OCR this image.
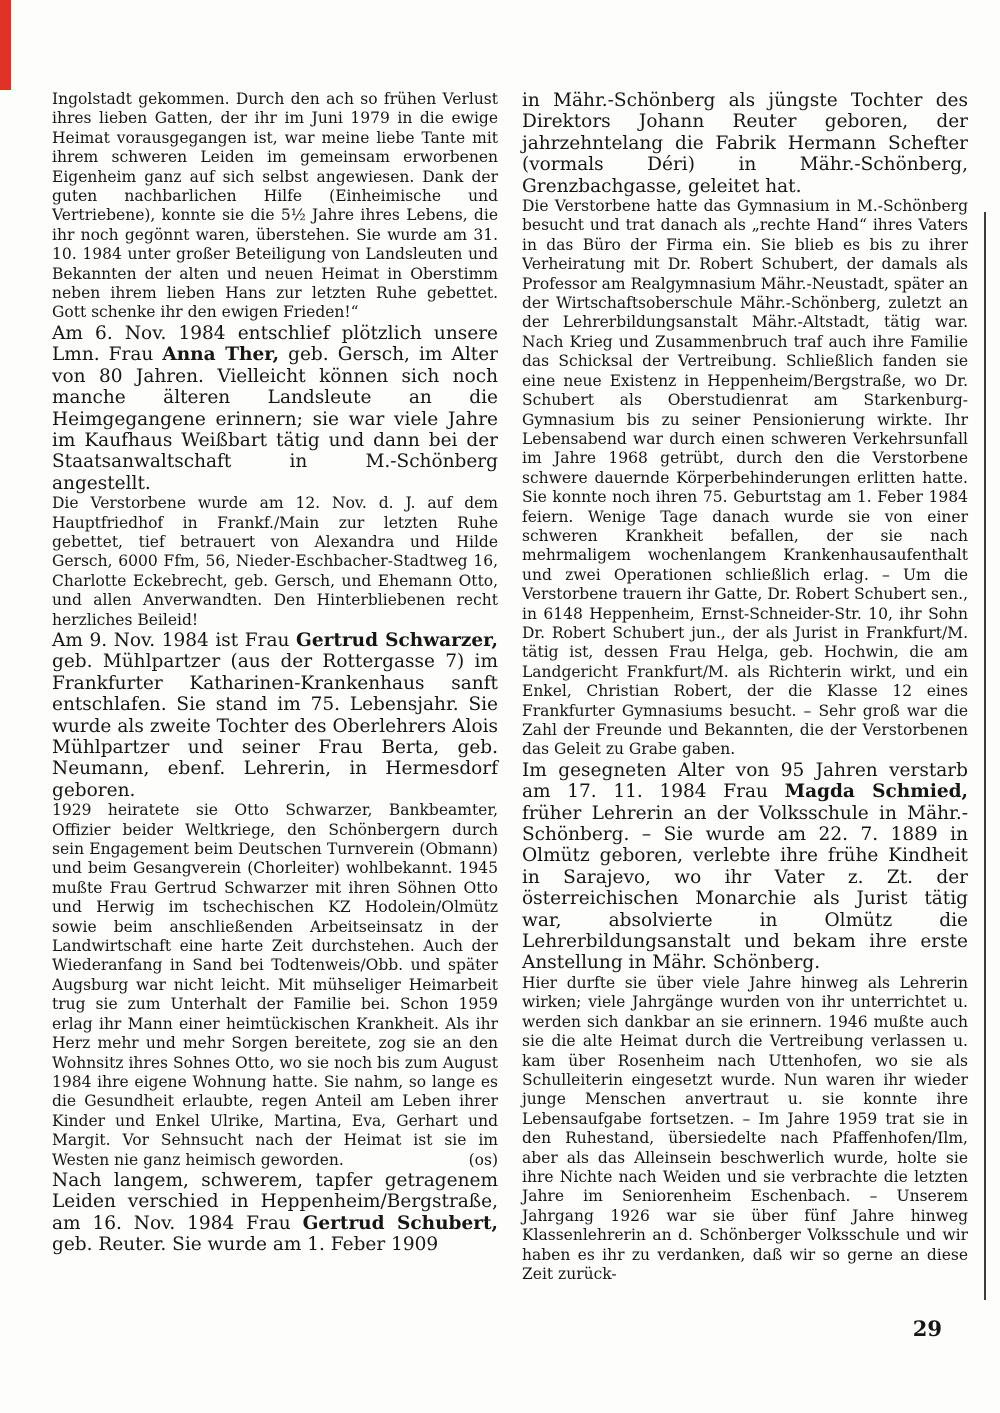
Ingolstadt gekommen. Durch den ach so frühen Verlust ihres lieben Gatten, der ihr im Juni 1979 in die ewige Heimat vorausgegangen ist, war meine liebe Tante mit ihrem schweren Leiden im gemeinsam erworbenen Eigenheim ganz auf sich selbst angewiesen. Dank der guten nachbarlichen Hilfe (Einheimische und Vertriebene), konnte sie die 5½ Jahre ihres Lebens, die ihr noch gegönnt waren, überstehen. Sie wurde am 31. 10. 1984 unter großer Beteiligung von Landsleuten und Bekannten der alten und neuen Heimat in Oberstimm neben ihrem lieben Hans zur letzten Ruhe gebettet. Gott schenke ihr den ewigen Frieden!“

Am 6. Nov. 1984 entschlief plötzlich unsere Lmn. Frau Anna Ther, geb. Gersch, im Alter von 80 Jahren. Vielleicht können sich noch manche älteren Landsleute an die Heimgegangene erinnern; sie war viele Jahre im Kaufhaus Weißbart tätig und dann bei der Staatsanwaltschaft in M.-Schönberg angestellt.

Die Verstorbene wurde am 12. Nov. d. J. auf dem Hauptfriedhof in Frankf./Main zur letzten Ruhe gebettet, tief betrauert von Alexandra und Hilde Gersch, 6000 Ffm, 56, Nieder-Eschbacher-Stadtweg 16, Charlotte Eckebrecht, geb. Gersch, und Ehemann Otto, und allen Anverwandten. Den Hinterbliebenen recht herzliches Beileid!

Am 9. Nov. 1984 ist Frau Gertrud Schwarzer, geb. Mühlpartzer (aus der Rottergasse 7) im Frankfurter Katharinen-Krankenhaus sanft entschlafen. Sie stand im 75. Lebensjahr. Sie wurde als zweite Tochter des Oberlehrers Alois Mühlpartzer und seiner Frau Berta, geb. Neumann, ebenf. Lehrerin, in Hermesdorf geboren.

1929 heiratete sie Otto Schwarzer, Bankbeamter, Offizier beider Weltkriege, den Schönbergern durch sein Engagement beim Deutschen Turnverein (Obmann) und beim Gesangverein (Chorleiter) wohlbekannt. 1945 mußte Frau Gertrud Schwarzer mit ihren Söhnen Otto und Herwig im tschechischen KZ Hodolein/Olmütz sowie beim anschließenden Arbeitseinsatz in der Landwirtschaft eine harte Zeit durchstehen. Auch der Wiederanfang in Sand bei Todtenweis/Obb. und später Augsburg war nicht leicht. Mit mühseliger Heimarbeit trug sie zum Unterhalt der Familie bei. Schon 1959 erlag ihr Mann einer heimtückischen Krankheit. Als ihr Herz mehr und mehr Sorgen bereitete, zog sie an den Wohnsitz ihres Sohnes Otto, wo sie noch bis zum August 1984 ihre eigene Wohnung hatte. Sie nahm, so lange es die Gesundheit erlaubte, regen Anteil am Leben ihrer Kinder und Enkel Ulrike, Martina, Eva, Gerhart und Margit. Vor Sehnsucht nach der Heimat ist sie im Westen nie ganz heimisch geworden.	(os)

Nach langem, schwerem, tapfer getragenem Leiden verschied in Heppenheim/Bergstraße, am 16. Nov. 1984 Frau Gertrud Schubert, geb. Reuter. Sie wurde am 1. Feber 1909

in Mähr.-Schönberg als jüngste Tochter des Direktors Johann Reuter geboren, der jahrzehntelang die Fabrik Hermann Schefter (vormals Déri) in Mähr.-Schönberg, Grenzbachgasse, geleitet hat.

Die Verstorbene hatte das Gymnasium in M.-Schönberg besucht und trat danach als „rechte Hand“ ihres Vaters in das Büro der Firma ein. Sie blieb es bis zu ihrer Verheiratung mit Dr. Robert Schubert, der damals als Professor am Realgymnasium Mähr.-Neustadt, später an der Wirtschaftsoberschule Mähr.-Schönberg, zuletzt an der Lehrerbildungsanstalt Mähr.-Altstadt, tätig war. Nach Krieg und Zusammenbruch traf auch ihre Familie das Schicksal der Vertreibung. Schließlich fanden sie eine neue Existenz in Heppenheim/Bergstraße, wo Dr. Schubert als Oberstudienrat am Starkenburg-Gymnasium bis zu seiner Pensionierung wirkte. Ihr Lebensabend war durch einen schweren Verkehrsunfall im Jahre 1968 getrübt, durch den die Verstorbene schwere dauernde Körperbehinderungen erlitten hatte. Sie konnte noch ihren 75. Geburtstag am 1. Feber 1984 feiern. Wenige Tage danach wurde sie von einer schweren Krankheit befallen, der sie nach mehrmaligem wochenlangem Krankenhausaufenthalt und zwei Operationen schließlich erlag. – Um die Verstorbene trauern ihr Gatte, Dr. Robert Schubert sen., in 6148 Heppenheim, Ernst-Schneider-Str. 10, ihr Sohn Dr. Robert Schubert jun., der als Jurist in Frankfurt/M. tätig ist, dessen Frau Helga, geb. Hochwin, die am Landgericht Frankfurt/M. als Richterin wirkt, und ein Enkel, Christian Robert, der die Klasse 12 eines Frankfurter Gymnasiums besucht. – Sehr groß war die Zahl der Freunde und Bekannten, die der Verstorbenen das Geleit zu Grabe gaben.

Im gesegneten Alter von 95 Jahren verstarb am 17. 11. 1984 Frau Magda Schmied, früher Lehrerin an der Volksschule in Mähr.-Schönberg. – Sie wurde am 22. 7. 1889 in Olmütz geboren, verlebte ihre frühe Kindheit in Sarajevo, wo ihr Vater z. Zt. der österreichischen Monarchie als Jurist tätig war, absolvierte in Olmütz die Lehrerbildungsanstalt und bekam ihre erste Anstellung in Mähr. Schönberg.

Hier durfte sie über viele Jahre hinweg als Lehrerin wirken; viele Jahrgänge wurden von ihr unterrichtet u. werden sich dankbar an sie erinnern. 1946 mußte auch sie die alte Heimat durch die Vertreibung verlassen u. kam über Rosenheim nach Uttenhofen, wo sie als Schulleiterin eingesetzt wurde. Nun waren ihr wieder junge Menschen anvertraut u. sie konnte ihre Lebensaufgabe fortsetzen. – Im Jahre 1959 trat sie in den Ruhestand, übersiedelte nach Pfaffenhofen/Ilm, aber als das Alleinsein beschwerlich wurde, holte sie ihre Nichte nach Weiden und sie verbrachte die letzten Jahre im Seniorenheim Eschenbach. – Unserem Jahrgang 1926 war sie über fünf Jahre hinweg Klassenlehrerin an d. Schönberger Volksschule und wir haben es ihr zu verdanken, daß wir so gerne an diese Zeit zurück-

29
